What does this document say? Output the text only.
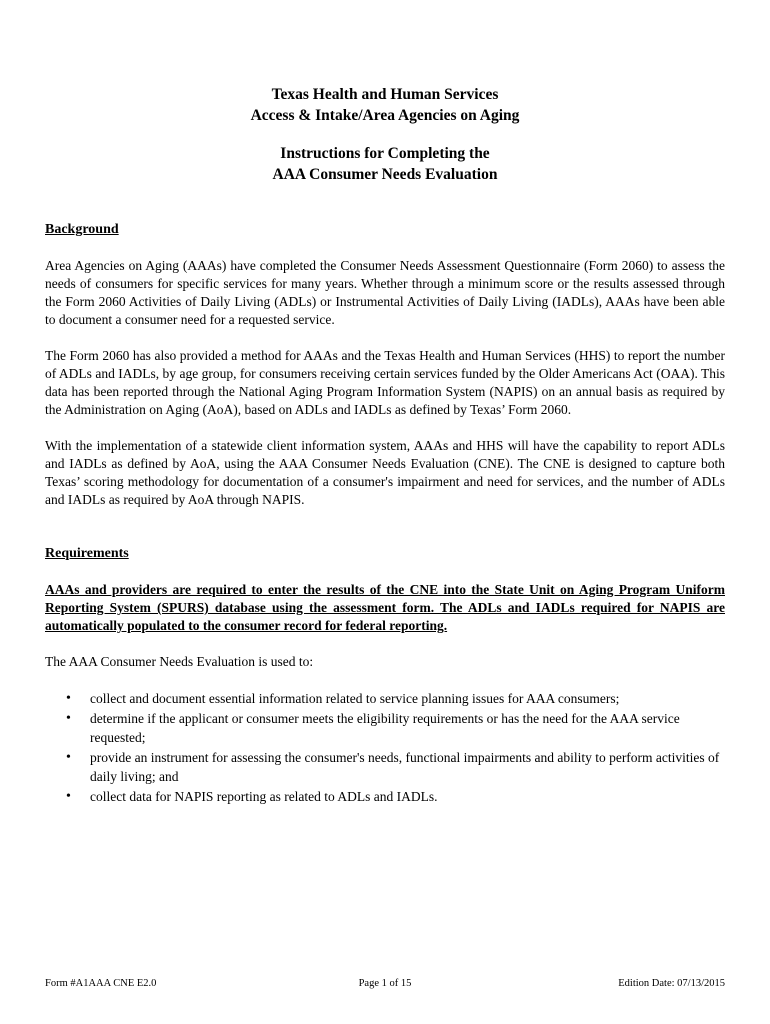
Texas Health and Human Services
Access & Intake/Area Agencies on Aging
Instructions for Completing the
AAA Consumer Needs Evaluation
Background

Area Agencies on Aging (AAAs) have completed the Consumer Needs Assessment Questionnaire (Form 2060) to assess the needs of consumers for specific services for many years. Whether through a minimum score or the results assessed through the Form 2060 Activities of Daily Living (ADLs) or Instrumental Activities of Daily Living (IADLs), AAAs have been able to document a consumer need for a requested service.

The Form 2060 has also provided a method for AAAs and the Texas Health and Human Services (HHS) to report the number of ADLs and IADLs, by age group, for consumers receiving certain services funded by the Older Americans Act (OAA). This data has been reported through the National Aging Program Information System (NAPIS) on an annual basis as required by the Administration on Aging (AoA), based on ADLs and IADLs as defined by Texas’ Form 2060.

With the implementation of a statewide client information system, AAAs and HHS will have the capability to report ADLs and IADLs as defined by AoA, using the AAA Consumer Needs Evaluation (CNE). The CNE is designed to capture both Texas’ scoring methodology for documentation of a consumer's impairment and need for services, and the number of ADLs and IADLs as required by AoA through NAPIS.

Requirements

AAAs and providers are required to enter the results of the CNE into the State Unit on Aging Program Uniform Reporting System (SPURS) database using the assessment form. The ADLs and IADLs required for NAPIS are automatically populated to the consumer record for federal reporting.

The AAA Consumer Needs Evaluation is used to:

• collect and document essential information related to service planning issues for AAA consumers;
• determine if the applicant or consumer meets the eligibility requirements or has the need for the AAA service requested;
• provide an instrument for assessing the consumer's needs, functional impairments and ability to perform activities of daily living; and
• collect data for NAPIS reporting as related to ADLs and IADLs.
Form #A1AAA CNE E2.0	Page 1 of 15	Edition Date: 07/13/2015
